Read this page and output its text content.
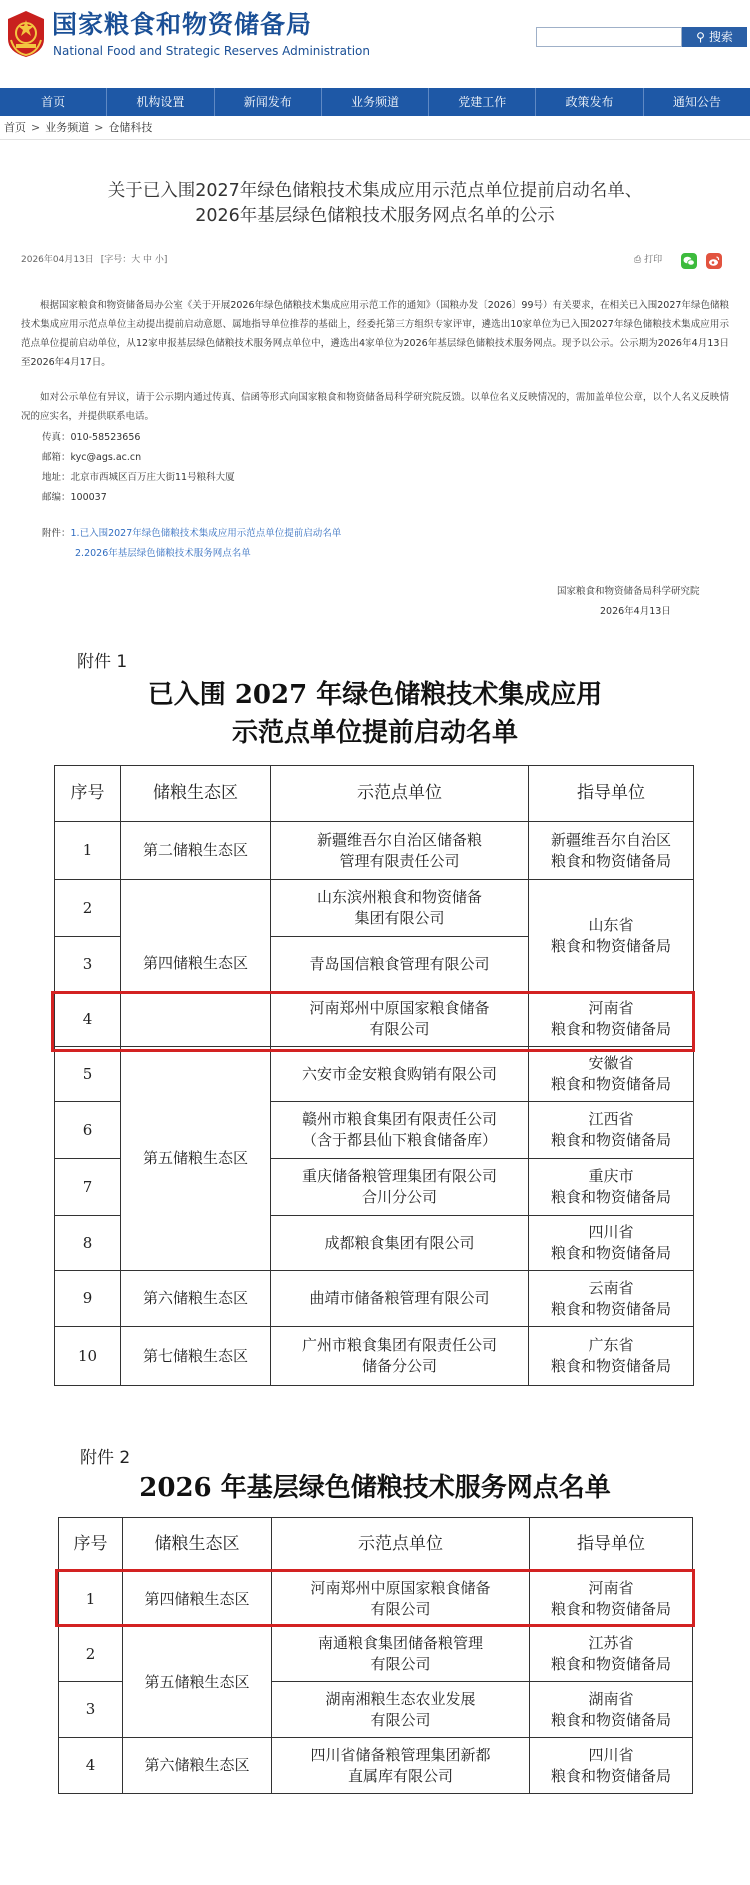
国家粮食和物资储备局
National Food and Strategic Reserves Administration
⚲ 搜索
首页	机构设置	新闻发布	业务频道	党建工作	政策发布	通知公告
首页 > 业务频道 > 仓储科技
关于已入围2027年绿色储粮技术集成应用示范点单位提前启动名单、
2026年基层绿色储粮技术服务网点名单的公示
2026年04月13日 [字号：大 中 小]	⎙ 打印
根据国家粮食和物资储备局办公室《关于开展2026年绿色储粮技术集成应用示范工作的通知》（国粮办发〔2026〕99号）有关要求，在相关已入围2027年绿色储粮技术集成应用示范点单位主动提出提前启动意愿、属地指导单位推荐的基础上，经委托第三方组织专家评审，遴选出10家单位为已入围2027年绿色储粮技术集成应用示范点单位提前启动单位，从12家申报基层绿色储粮技术服务网点单位中，遴选出4家单位为2026年基层绿色储粮技术服务网点。现予以公示。公示期为2026年4月13日至2026年4月17日。
如对公示单位有异议，请于公示期内通过传真、信函等形式向国家粮食和物资储备局科学研究院反馈。以单位名义反映情况的，需加盖单位公章，以个人名义反映情况的应实名，并提供联系电话。
传真：010-58523656
邮箱：kyc@ags.ac.cn
地址：北京市西城区百万庄大街11号粮科大厦
邮编：100037
附件：1.已入围2027年绿色储粮技术集成应用示范点单位提前启动名单
2.2026年基层绿色储粮技术服务网点名单
国家粮食和物资储备局科学研究院
2026年4月13日
附件 1
已入围 2027 年绿色储粮技术集成应用
示范点单位提前启动名单
序号	储粮生态区	示范点单位	指导单位
1	第二储粮生态区	新疆维吾尔自治区储备粮
管理有限责任公司	新疆维吾尔自治区
粮食和物资储备局

2	第四储粮生态区	山东滨州粮食和物资储备
集团有限公司	山东省
粮食和物资储备局

3		青岛国信粮食管理有限公司	

4		河南郑州中原国家粮食储备
有限公司	河南省
粮食和物资储备局

5	第五储粮生态区	六安市金安粮食购销有限公司	安徽省
粮食和物资储备局

6		赣州市粮食集团有限责任公司
（含于都县仙下粮食储备库）	江西省
粮食和物资储备局

7		重庆储备粮管理集团有限公司
合川分公司	重庆市
粮食和物资储备局

8		成都粮食集团有限公司	四川省
粮食和物资储备局

9	第六储粮生态区	曲靖市储备粮管理有限公司	云南省
粮食和物资储备局

10	第七储粮生态区	广州市粮食集团有限责任公司
储备分公司	广东省
粮食和物资储备局
附件 2
2026 年基层绿色储粮技术服务网点名单
序号	储粮生态区	示范点单位	指导单位
1	第四储粮生态区	河南郑州中原国家粮食储备
有限公司	河南省
粮食和物资储备局

2	第五储粮生态区	南通粮食集团储备粮管理
有限公司	江苏省
粮食和物资储备局

3		湖南湘粮生态农业发展
有限公司	湖南省
粮食和物资储备局

4	第六储粮生态区	四川省储备粮管理集团新都
直属库有限公司	四川省
粮食和物资储备局
